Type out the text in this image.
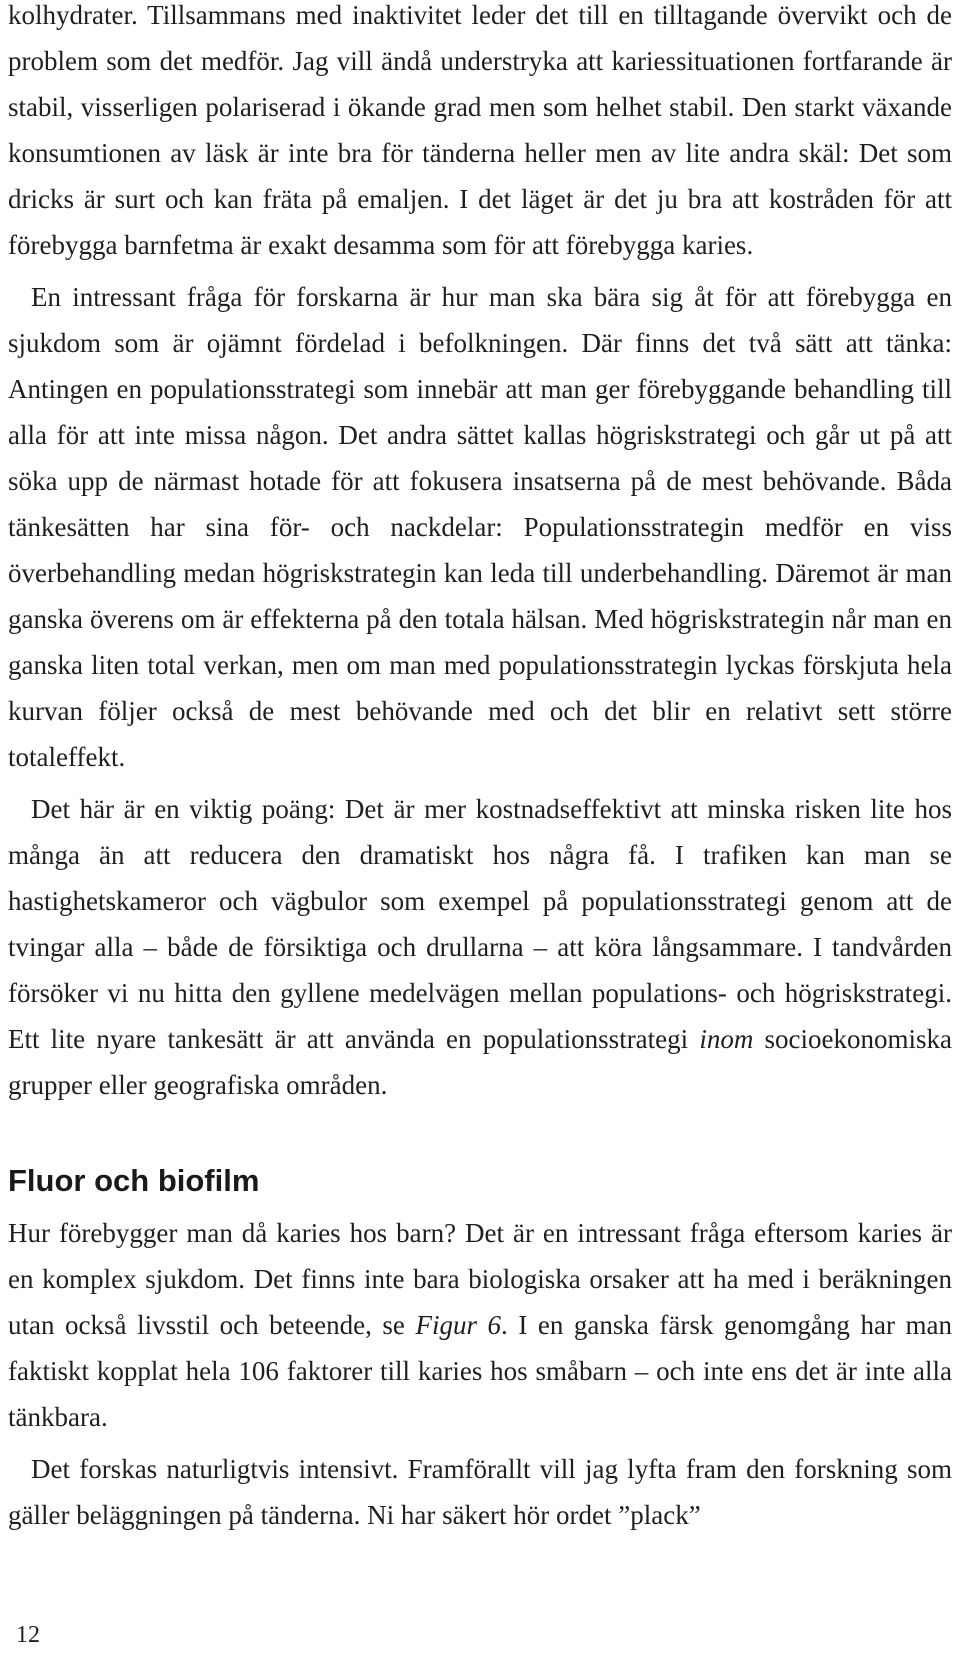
kolhydrater. Tillsammans med inaktivitet leder det till en tilltagande övervikt och de problem som det medför. Jag vill ändå understryka att kariessituationen fortfarande är stabil, visserligen polariserad i ökande grad men som helhet stabil. Den starkt växande konsumtionen av läsk är inte bra för tänderna heller men av lite andra skäl: Det som dricks är surt och kan fräta på emaljen. I det läget är det ju bra att kostråden för att förebygga barnfetma är exakt desamma som för att förebygga karies.

En intressant fråga för forskarna är hur man ska bära sig åt för att förebygga en sjukdom som är ojämnt fördelad i befolkningen. Där finns det två sätt att tänka: Antingen en populationsstrategi som innebär att man ger förebyggande behandling till alla för att inte missa någon. Det andra sättet kallas högriskstrategi och går ut på att söka upp de närmast hotade för att fokusera insatserna på de mest behövande. Båda tänkesätten har sina för- och nackdelar: Populationsstrategin medför en viss överbehandling medan högriskstrategin kan leda till underbehandling. Däremot är man ganska överens om är effekterna på den totala hälsan. Med högriskstrategin når man en ganska liten total verkan, men om man med populationsstrategin lyckas förskjuta hela kurvan följer också de mest behövande med och det blir en relativt sett större totaleffekt.

Det här är en viktig poäng: Det är mer kostnadseffektivt att minska risken lite hos många än att reducera den dramatiskt hos några få. I trafiken kan man se hastighetskameror och vägbulor som exempel på populationsstrategi genom att de tvingar alla – både de försiktiga och drullarna – att köra långsammare. I tandvården försöker vi nu hitta den gyllene medelvägen mellan populations- och högriskstrategi. Ett lite nyare tankesätt är att använda en populationsstrategi inom socioekonomiska grupper eller geografiska områden.

Fluor och biofilm

Hur förebygger man då karies hos barn? Det är en intressant fråga eftersom karies är en komplex sjukdom. Det finns inte bara biologiska orsaker att ha med i beräkningen utan också livsstil och beteende, se Figur 6. I en ganska färsk genomgång har man faktiskt kopplat hela 106 faktorer till karies hos småbarn – och inte ens det är inte alla tänkbara.

Det forskas naturligtvis intensivt. Framförallt vill jag lyfta fram den forskning som gäller beläggningen på tänderna. Ni har säkert hör ordet ”plack”

12
